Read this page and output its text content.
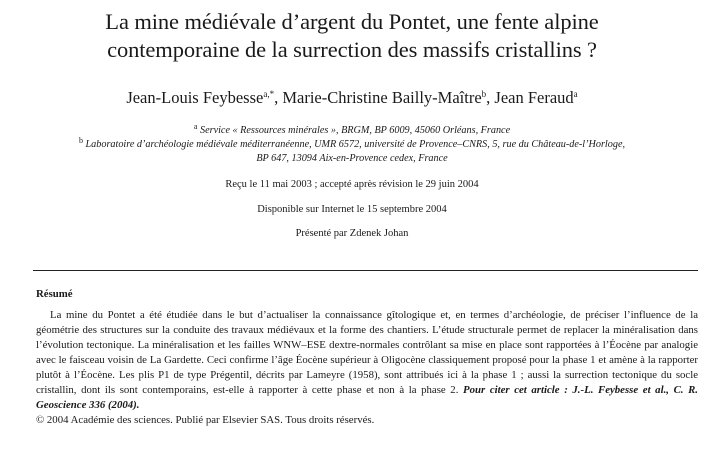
La mine médiévale d’argent du Pontet, une fente alpine
contemporaine de la surrection des massifs cristallins ?
Jean-Louis Feybesse$^{a,*}$, Marie-Christine Bailly-Maître$^b$, Jean Feraud$^a$
$^a$ Service « Ressources minérales », BRGM, BP 6009, 45060 Orléans, France
$^b$ Laboratoire d’archéologie médiévale méditerranéenne, UMR 6572, université de Provence–CNRS, 5, rue du Château-de-l’Horloge,
BP 647, 13094 Aix-en-Provence cedex, France
Reçu le 11 mai 2003 ; accepté après révision le 29 juin 2004
Disponible sur Internet le 15 septembre 2004
Présenté par Zdenek Johan
Résumé

La mine du Pontet a été étudiée dans le but d’actualiser la connaissance gîtologique et, en termes d’archéologie, de préciser l’influence de la géométrie des structures sur la conduite des travaux médiévaux et la forme des chantiers. L’étude structurale permet de replacer la minéralisation dans l’évolution tectonique. La minéralisation et les failles WNW–ESE dextre-normales contrôlant sa mise en place sont rapportées à l’Éocène par analogie avec le faisceau voisin de La Gardette. Ceci confirme l’âge Éocène supérieur à Oligocène classiquement proposé pour la phase 1 et amène à la rapporter plutôt à l’Éocène. Les plis P1 de type Prégentil, décrits par Lameyre (1958), sont attribués ici à la phase 1 ; aussi la surrection tectonique du socle cristallin, dont ils sont contemporains, est-elle à rapporter à cette phase et non à la phase 2. Pour citer cet article : J.-L. Feybesse et al., C. R. Geoscience 336 (2004).

© 2004 Académie des sciences. Publié par Elsevier SAS. Tous droits réservés.
